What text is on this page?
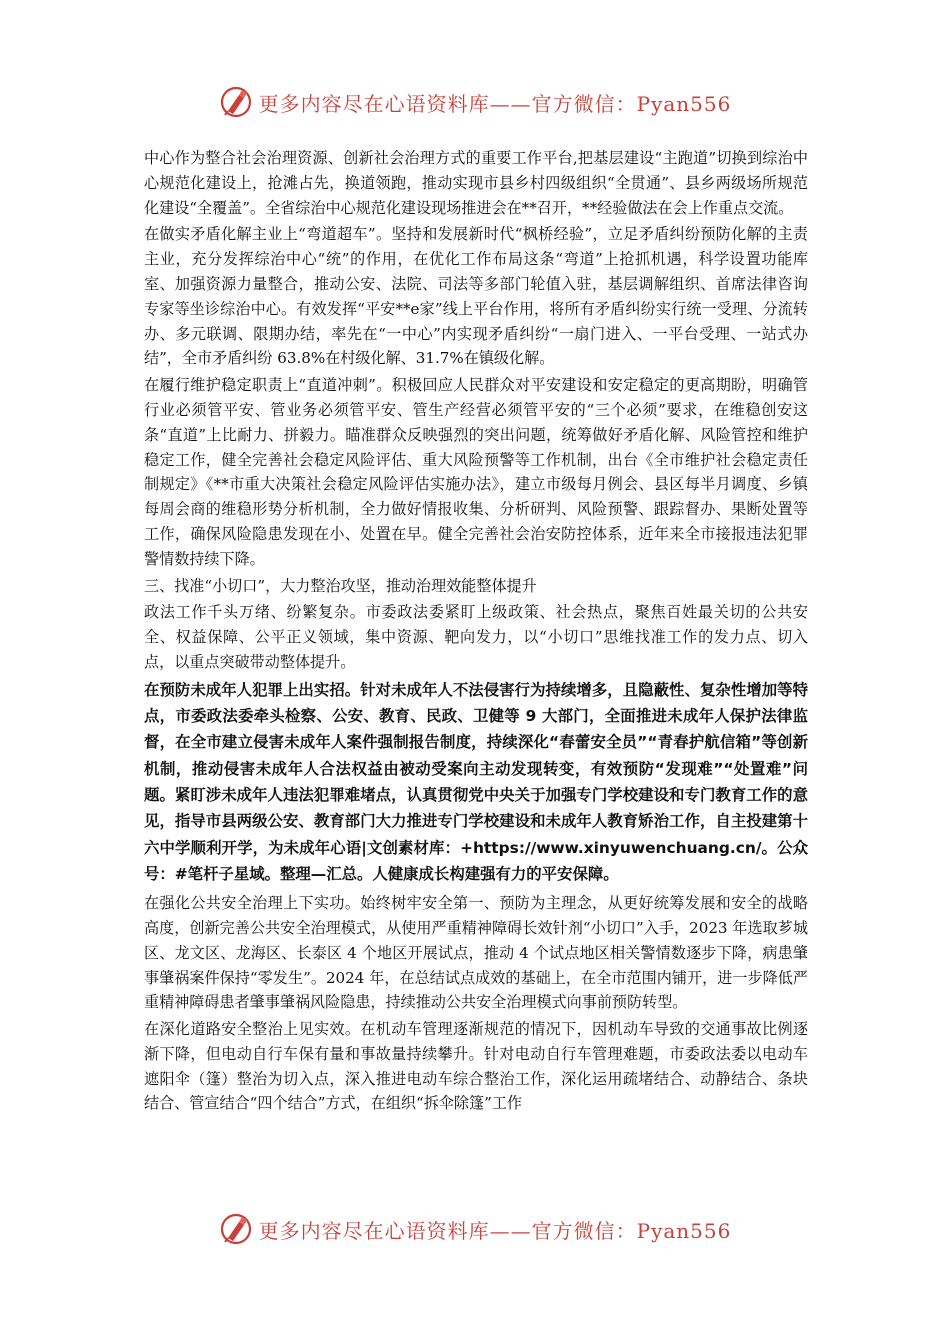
更多内容尽在心语资料库——官方微信：Pyan556

中心作为整合社会治理资源、创新社会治理方式的重要工作平台,把基层建设“主跑道”切换到综治中心规范化建设上，抢滩占先，换道领跑，推动实现市县乡村四级组织“全贯通”、县乡两级场所规范化建设“全覆盖”。全省综治中心规范化建设现场推进会在**召开，**经验做法在会上作重点交流。

在做实矛盾化解主业上“弯道超车”。坚持和发展新时代“枫桥经验”，立足矛盾纠纷预防化解的主责主业，充分发挥综治中心“统”的作用，在优化工作布局这条“弯道”上抢抓机遇，科学设置功能库室、加强资源力量整合，推动公安、法院、司法等多部门轮值入驻，基层调解组织、首席法律咨询专家等坐诊综治中心。有效发挥“平安**e家”线上平台作用，将所有矛盾纠纷实行统一受理、分流转办、多元联调、限期办结，率先在“一中心”内实现矛盾纠纷“一扇门进入、一平台受理、一站式办结”，全市矛盾纠纷 63.8%在村级化解、31.7%在镇级化解。

在履行维护稳定职责上“直道冲刺”。积极回应人民群众对平安建设和安定稳定的更高期盼，明确管行业必须管平安、管业务必须管平安、管生产经营必须管平安的“三个必须”要求，在维稳创安这条“直道”上比耐力、拼毅力。瞄准群众反映强烈的突出问题，统筹做好矛盾化解、风险管控和维护稳定工作，健全完善社会稳定风险评估、重大风险预警等工作机制，出台《全市维护社会稳定责任制规定》《**市重大决策社会稳定风险评估实施办法》，建立市级每月例会、县区每半月调度、乡镇每周会商的维稳形势分析机制，全力做好情报收集、分析研判、风险预警、跟踪督办、果断处置等工作，确保风险隐患发现在小、处置在早。健全完善社会治安防控体系，近年来全市接报违法犯罪警情数持续下降。

三、找准“小切口”，大力整治攻坚，推动治理效能整体提升

政法工作千头万绪、纷繁复杂。市委政法委紧盯上级政策、社会热点，聚焦百姓最关切的公共安全、权益保障、公平正义领域，集中资源、靶向发力，以“小切口”思维找准工作的发力点、切入点，以重点突破带动整体提升。

在预防未成年人犯罪上出实招。针对未成年人不法侵害行为持续增多，且隐蔽性、复杂性增加等特点，市委政法委牵头检察、公安、教育、民政、卫健等 9 大部门，全面推进未成年人保护法律监督，在全市建立侵害未成年人案件强制报告制度，持续深化“春蕾安全员”“青春护航信箱”等创新机制，推动侵害未成年人合法权益由被动受案向主动发现转变，有效预防“发现难”“处置难”问题。紧盯涉未成年人违法犯罪难堵点，认真贯彻党中央关于加强专门学校建设和专门教育工作的意见，指导市县两级公安、教育部门大力推进专门学校建设和未成年人教育矫治工作，自主投建第十六中学顺利开学，为未成年心语|文创素材库：+https://www.xinyuwenchuang.cn/。公众号：#笔杆子星域。整理—汇总。人健康成长构建强有力的平安保障。

在强化公共安全治理上下实功。始终树牢安全第一、预防为主理念，从更好统筹发展和安全的战略高度，创新完善公共安全治理模式，从使用严重精神障碍长效针剂“小切口”入手，2023 年选取芗城区、龙文区、龙海区、长泰区 4 个地区开展试点，推动 4 个试点地区相关警情数逐步下降，病患肇事肇祸案件保持“零发生”。2024 年，在总结试点成效的基础上，在全市范围内铺开，进一步降低严重精神障碍患者肇事肇祸风险隐患，持续推动公共安全治理模式向事前预防转型。

在深化道路安全整治上见实效。在机动车管理逐渐规范的情况下，因机动车导致的交通事故比例逐渐下降，但电动自行车保有量和事故量持续攀升。针对电动自行车管理难题，市委政法委以电动车遮阳伞（篷）整治为切入点，深入推进电动车综合整治工作，深化运用疏堵结合、动静结合、条块结合、管宣结合“四个结合”方式，在组织“拆伞除篷”工作

更多内容尽在心语资料库——官方微信：Pyan556
